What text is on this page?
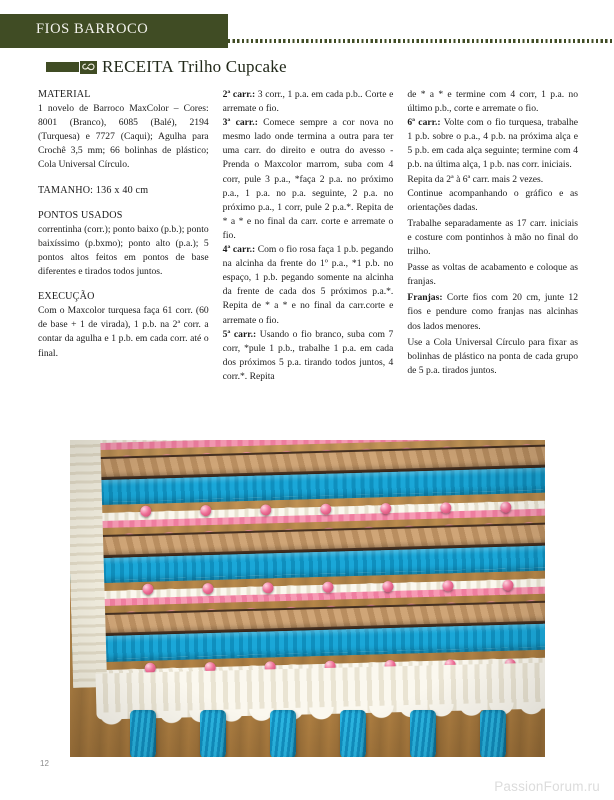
FIOS BARROCO
RECEITA Trilho Cupcake

MATERIAL

1 novelo de Barroco MaxColor – Cores: 8001 (Branco), 6085 (Balé), 2194 (Turquesa) e 7727 (Caqui); Agulha para Crochê 3,5 mm; 66 bolinhas de plástico; Cola Universal Círculo.

TAMANHO: 136 x 40 cm

PONTOS USADOS

correntinha (corr.); ponto baixo (p.b.); ponto baixíssimo (p.bxmo); ponto alto (p.a.); 5 pontos altos feitos em pontos de base diferentes e tirados todos juntos.

EXECUÇÃO

Com o Maxcolor turquesa faça 61 corr. (60 de base + 1 de virada), 1 p.b. na 2ª corr. a contar da agulha e 1 p.b. em cada corr. até o final.

2ª carr.: 3 corr., 1 p.a. em cada p.b.. Corte e arremate o fio.

3ª carr.: Comece sempre a cor nova no mesmo lado onde termina a outra para ter uma carr. do direito e outra do avesso - Prenda o Maxcolor marrom, suba com 4 corr, pule 3 p.a., *faça 2 p.a. no próximo p.a., 1 p.a. no p.a. seguinte, 2 p.a. no próximo p.a., 1 corr, pule 2 p.a.*. Repita de * a * e no final da carr. corte e arremate o fio.

4ª carr.: Com o fio rosa faça 1 p.b. pegando na alcinha da frente do 1º p.a., *1 p.b. no espaço, 1 p.b. pegando somente na alcinha da frente de cada dos 5 próximos p.a.*. Repita de * a * e no final da carr.corte e arremate o fio.

5ª carr.: Usando o fio branco, suba com 7 corr, *pule 1 p.b., trabalhe 1 p.a. em cada dos próximos 5 p.a. tirando todos juntos, 4 corr.*. Repita

de * a * e termine com 4 corr, 1 p.a. no último p.b., corte e arremate o fio.

6ª carr.: Volte com o fio turquesa, trabalhe 1 p.b. sobre o p.a., 4 p.b. na próxima alça e 5 p.b. em cada alça seguinte; termine com 4 p.b. na última alça, 1 p.b. nas corr. iniciais.

Repita da 2ª à 6ª carr. mais 2 vezes.

Continue acompanhando o gráfico e as orientações dadas.

Trabalhe separadamente as 17 carr. iniciais e costure com pontinhos à mão no final do trilho.

Passe as voltas de acabamento e coloque as franjas.

Franjas: Corte fios com 20 cm, junte 12 fios e pendure como franjas nas alcinhas dos lados menores.

Use a Cola Universal Círculo para fixar as bolinhas de plástico na ponta de cada grupo de 5 p.a. tirados juntos.

12
PassionForum.ru
